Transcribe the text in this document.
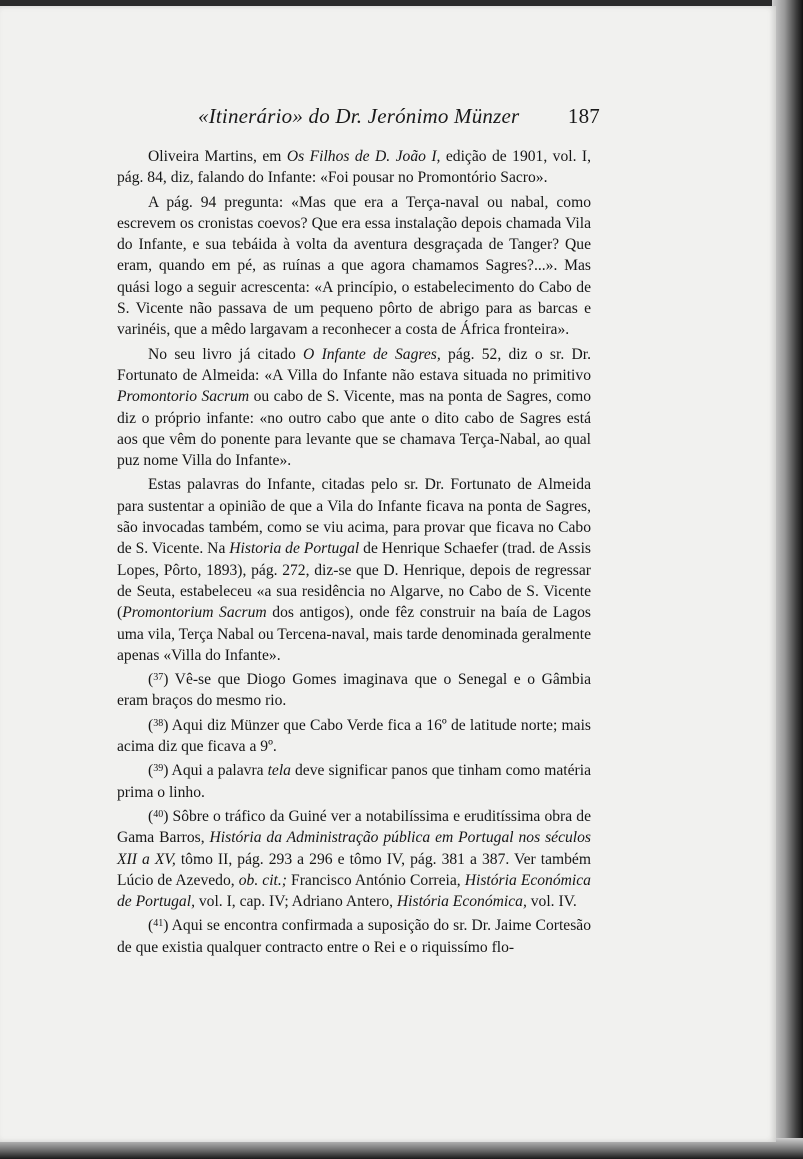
«Itinerário» do Dr. Jerónimo Münzer 187

Oliveira Martins, em Os Filhos de D. João I, edição de 1901, vol. I, pág. 84, diz, falando do Infante: «Foi pousar no Promontório Sacro».

A pág. 94 pregunta: «Mas que era a Terça-naval ou nabal, como escrevem os cronistas coevos? Que era essa instalação depois chamada Vila do Infante, e sua tebáida à volta da aventura desgraçada de Tanger? Que eram, quando em pé, as ruínas a que agora chamamos Sagres?...». Mas quási logo a seguir acrescenta: «A princípio, o estabelecimento do Cabo de S. Vicente não passava de um pequeno pôrto de abrigo para as barcas e varinéis, que a mêdo largavam a reconhecer a costa de África fronteira».

No seu livro já citado O Infante de Sagres, pág. 52, diz o sr. Dr. Fortunato de Almeida: «A Villa do Infante não estava situada no primitivo Promontorio Sacrum ou cabo de S. Vicente, mas na ponta de Sagres, como diz o próprio infante: «no outro cabo que ante o dito cabo de Sagres está aos que vêm do ponente para levante que se chamava Terça-Nabal, ao qual puz nome Villa do Infante».

Estas palavras do Infante, citadas pelo sr. Dr. Fortunato de Almeida para sustentar a opinião de que a Vila do Infante ficava na ponta de Sagres, são invocadas também, como se viu acima, para provar que ficava no Cabo de S. Vicente. Na Historia de Portugal de Henrique Schaefer (trad. de Assis Lopes, Pôrto, 1893), pág. 272, diz-se que D. Henrique, depois de regressar de Seuta, estabeleceu «a sua residência no Algarve, no Cabo de S. Vicente (Promontorium Sacrum dos antigos), onde fêz construir na baía de Lagos uma vila, Terça Nabal ou Tercena-naval, mais tarde denominada geralmente apenas «Villa do Infante».

($^{37}$) Vê-se que Diogo Gomes imaginava que o Senegal e o Gâmbia eram braços do mesmo rio.

($^{38}$) Aqui diz Münzer que Cabo Verde fica a 16º de latitude norte; mais acima diz que ficava a 9º.

($^{39}$) Aqui a palavra tela deve significar panos que tinham como matéria prima o linho.

($^{40}$) Sôbre o tráfico da Guiné ver a notabilíssima e eruditíssima obra de Gama Barros, História da Administração pública em Portugal nos séculos XII a XV, tômo II, pág. 293 a 296 e tômo IV, pág. 381 a 387. Ver também Lúcio de Azevedo, ob. cit.; Francisco António Correia, História Económica de Portugal, vol. I, cap. IV; Adriano Antero, História Económica, vol. IV.

($^{41}$) Aqui se encontra confirmada a suposição do sr. Dr. Jaime Cortesão de que existia qualquer contracto entre o Rei e o riquissímo flo-
